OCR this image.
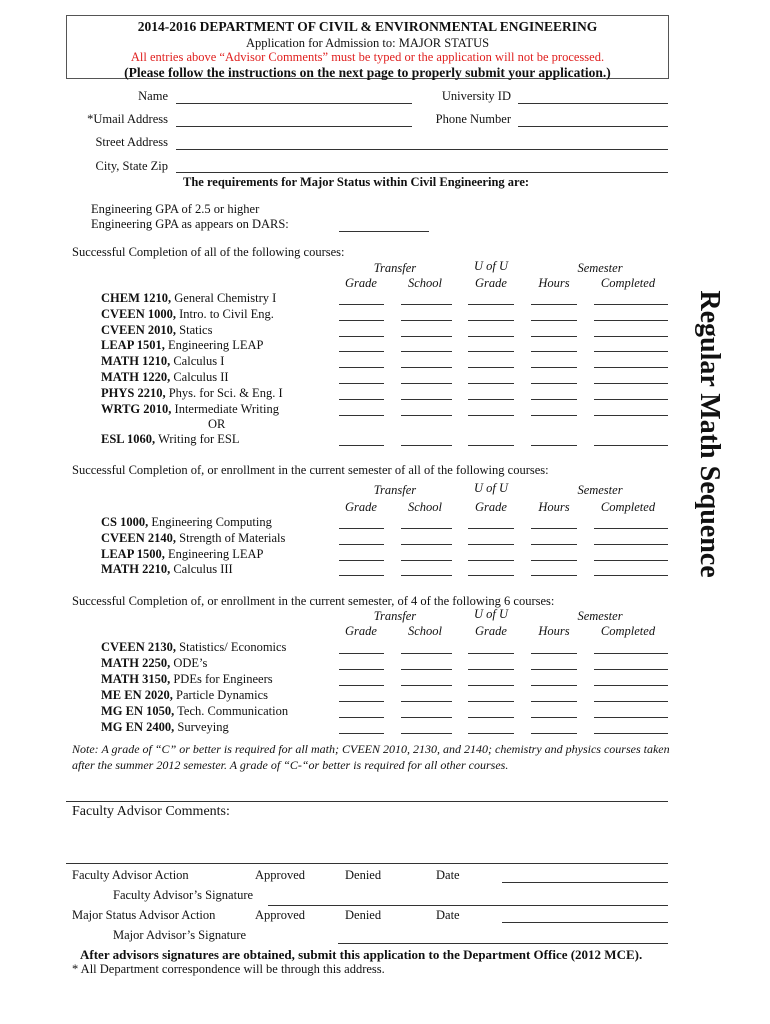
2014-2016 DEPARTMENT OF CIVIL & ENVIRONMENTAL ENGINEERING
Application for Admission to: MAJOR STATUS
All entries above “Advisor Comments” must be typed or the application will not be processed.
(Please follow the instructions on the next page to properly submit your application.)
Name	University ID
*Umail Address	Phone Number
Street Address
City, State Zip
The requirements for Major Status within Civil Engineering are:
Engineering GPA of 2.5 or higher
Engineering GPA as appears on DARS:
Successful Completion of all of the following courses:
Transfer	U of U	Semester
Grade	School	Grade	Hours	Completed
CHEM 1210, General Chemistry I
CVEEN 1000, Intro. to Civil Eng.
CVEEN 2010, Statics
LEAP 1501, Engineering LEAP
MATH 1210, Calculus I
MATH 1220, Calculus II
PHYS 2210, Phys. for Sci. & Eng. I
WRTG 2010, Intermediate Writing
OR
ESL 1060, Writing for ESL
Successful Completion of, or enrollment in the current semester of all of the following courses:
Transfer	U of U	Semester
Grade	School	Grade	Hours	Completed
CS 1000, Engineering Computing
CVEEN 2140, Strength of Materials
LEAP 1500, Engineering LEAP
MATH 2210, Calculus III
Successful Completion of, or enrollment in the current semester, of 4 of the following 6 courses:
Transfer	U of U	Semester
Grade	School	Grade	Hours	Completed
CVEEN 2130, Statistics/ Economics
MATH 2250, ODE’s
MATH 3150, PDEs for Engineers
ME EN 2020, Particle Dynamics
MG EN 1050, Tech. Communication
MG EN 2400, Surveying
Note: A grade of “C” or better is required for all math; CVEEN 2010, 2130, and 2140; chemistry and physics courses taken after the summer 2012 semester. A grade of “C-“or better is required for all other courses.
Regular Math Sequence
Faculty Advisor Comments:
Faculty Advisor Action	Approved	Denied	Date
Faculty Advisor’s Signature
Major Status Advisor Action	Approved	Denied	Date
Major Advisor’s Signature
After advisors signatures are obtained, submit this application to the Department Office (2012 MCE).
* All Department correspondence will be through this address.
